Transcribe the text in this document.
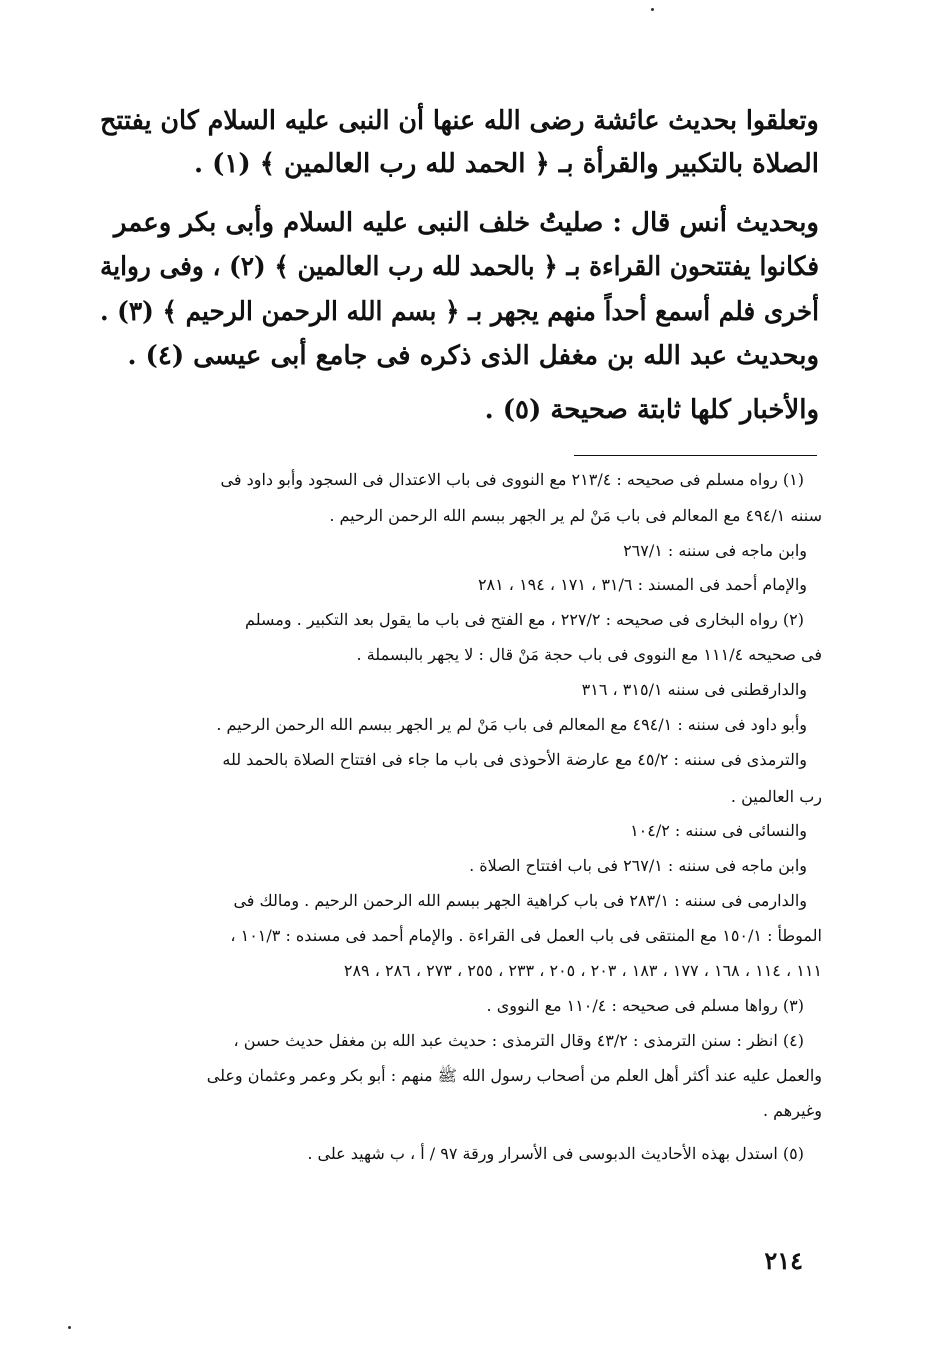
وتعلقوا بحديث عائشة رضى الله عنها أن النبى عليه السلام كان يفتتح
الصلاة بالتكبير والقرأة بـ ﴿ الحمد لله رب العالمين ﴾ (١) .
وبحديث أنس قال : صليتُ خلف النبى عليه السلام وأبى بكر وعمر
فكانوا يفتتحون القراءة بـ ﴿ بالحمد لله رب العالمين ﴾ (٢) ، وفى رواية
أخرى فلم أسمع أحداً منهم يجهر بـ ﴿ بسم الله الرحمن الرحيم ﴾ (٣) .
وبحديث عبد الله بن مغفل الذى ذكره فى جامع أبى عيسى (٤) .
والأخبار كلها ثابتة صحيحة (٥) .
(١) رواه مسلم فى صحيحه : ٢١٣/٤ مع النووى فى باب الاعتدال فى السجود وأبو داود فى
سننه ٤٩٤/١ مع المعالم فى باب مَنْ لم ير الجهر ببسم الله الرحمن الرحيم .
وابن ماجه فى سننه : ٢٦٧/١
والإمام أحمد فى المسند : ٣١/٦ ، ١٧١ ، ١٩٤ ، ٢٨١
(٢) رواه البخارى فى صحيحه : ٢٢٧/٢ ، مع الفتح فى باب ما يقول بعد التكبير . ومسلم
فى صحيحه ١١١/٤ مع النووى فى باب حجة مَنْ قال : لا يجهر بالبسملة .
والدارقطنى فى سننه ٣١٥/١ ، ٣١٦
وأبو داود فى سننه : ٤٩٤/١ مع المعالم فى باب مَنْ لم ير الجهر ببسم الله الرحمن الرحيم .
والترمذى فى سننه : ٤٥/٢ مع عارضة الأحوذى فى باب ما جاء فى افتتاح الصلاة بالحمد لله
رب العالمين .
والنسائى فى سننه : ١٠٤/٢
وابن ماجه فى سننه : ٢٦٧/١ فى باب افتتاح الصلاة .
والدارمى فى سننه : ٢٨٣/١ فى باب كراهية الجهر ببسم الله الرحمن الرحيم . ومالك فى
الموطأ : ١٥٠/١ مع المنتقى فى باب العمل فى القراءة . والإمام أحمد فى مسنده : ١٠١/٣ ،
١١١ ، ١١٤ ، ١٦٨ ، ١٧٧ ، ١٨٣ ، ٢٠٣ ، ٢٠٥ ، ٢٣٣ ، ٢٥٥ ، ٢٧٣ ، ٢٨٦ ، ٢٨٩
(٣) رواها مسلم فى صحيحه : ١١٠/٤ مع النووى .
(٤) انظر : سنن الترمذى : ٤٣/٢ وقال الترمذى : حديث عبد الله بن مغفل حديث حسن ،
والعمل عليه عند أكثر أهل العلم من أصحاب رسول الله ﷺ منهم : أبو بكر وعمر وعثمان وعلى
وغيرهم .
(٥) استدل بهذه الأحاديث الدبوسى فى الأسرار ورقة ٩٧ / أ ، ب شهيد على .
٢١٤
